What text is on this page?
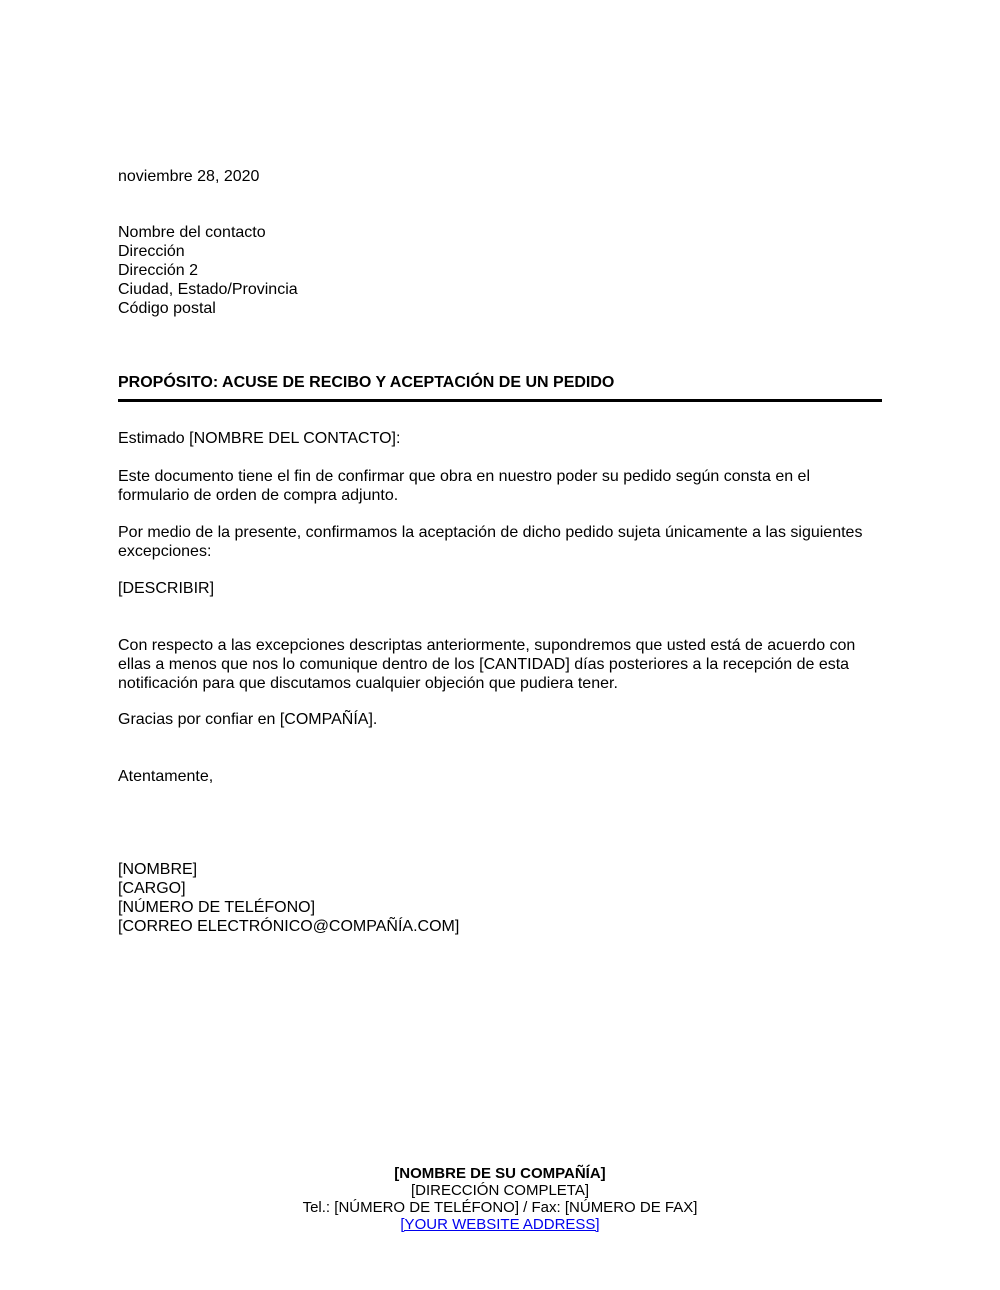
noviembre 28, 2020
Nombre del contacto
Dirección
Dirección 2
Ciudad, Estado/Provincia
Código postal
PROPÓSITO: ACUSE DE RECIBO Y ACEPTACIÓN DE UN PEDIDO
Estimado [NOMBRE DEL CONTACTO]:
Este documento tiene el fin de confirmar que obra en nuestro poder su pedido según consta en el
formulario de orden de compra adjunto.
Por medio de la presente, confirmamos la aceptación de dicho pedido sujeta únicamente a las siguientes
excepciones:
[DESCRIBIR]
Con respecto a las excepciones descriptas anteriormente, supondremos que usted está de acuerdo con
ellas a menos que nos lo comunique dentro de los [CANTIDAD] días posteriores a la recepción de esta
notificación para que discutamos cualquier objeción que pudiera tener.
Gracias por confiar en [COMPAÑÍA].
Atentamente,
[NOMBRE]
[CARGO]
[NÚMERO DE TELÉFONO]
[CORREO ELECTRÓNICO@COMPAÑÍA.COM]
[NOMBRE DE SU COMPAÑÍA]
[DIRECCIÓN COMPLETA]
Tel.: [NÚMERO DE TELÉFONO] / Fax: [NÚMERO DE FAX]
[YOUR WEBSITE ADDRESS]
